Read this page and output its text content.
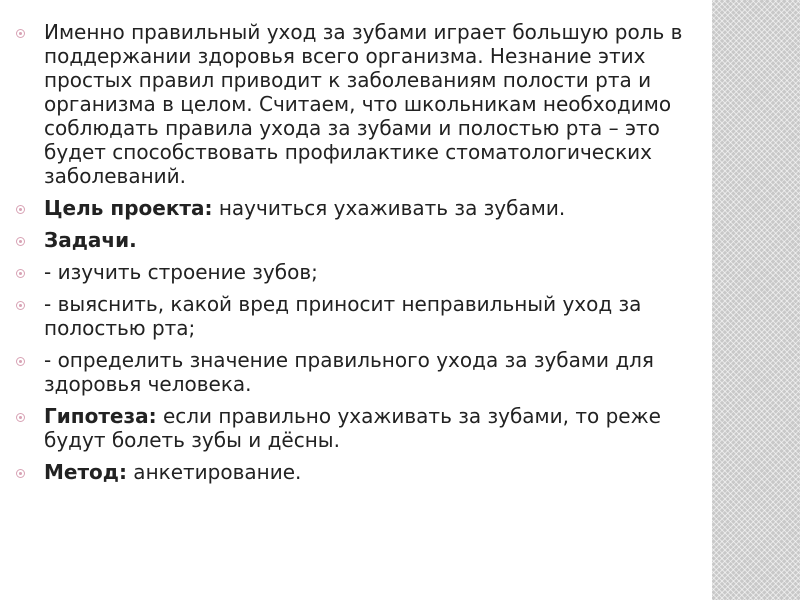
Именно правильный уход за зубами играет большую роль в поддержании здоровья всего организма. Незнание этих простых правил приводит к заболеваниям полости рта и организма в целом. Считаем, что школьникам необходимо соблюдать правила ухода за зубами и полостью рта – это будет способствовать профилактике стоматологических заболеваний.
Цель проекта: научиться ухаживать за зубами.
Задачи.
- изучить строение зубов;
- выяснить, какой вред приносит неправильный уход за полостью рта;
- определить значение правильного ухода за зубами для здоровья человека.
Гипотеза: если правильно ухаживать за зубами, то реже будут болеть зубы и дёсны.
Метод: анкетирование.
